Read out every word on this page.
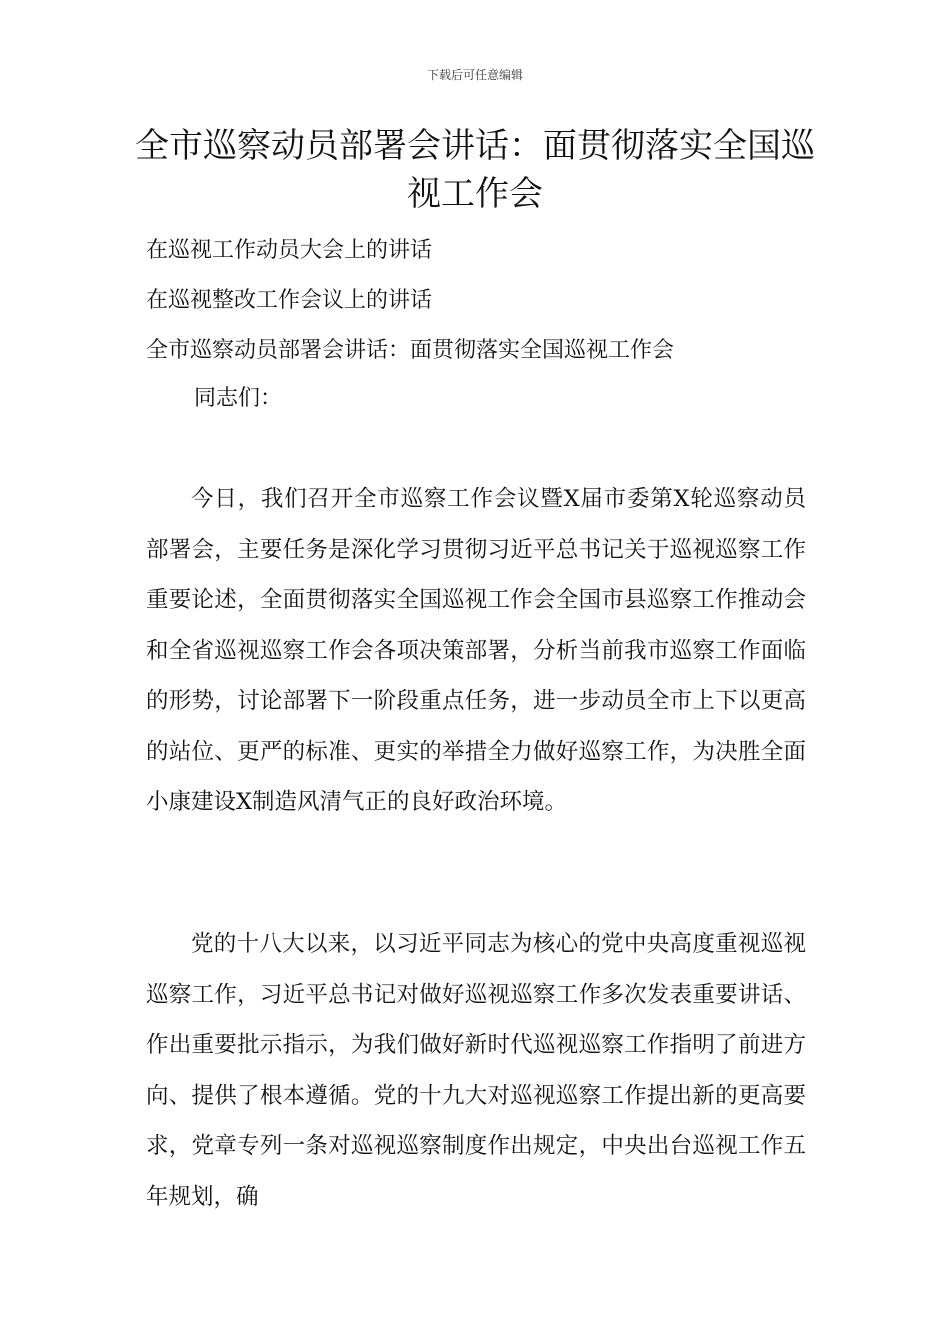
下载后可任意编辑
全市巡察动员部署会讲话：面贯彻落实全国巡视工作会
在巡视工作动员大会上的讲话
在巡视整改工作会议上的讲话
全市巡察动员部署会讲话：面贯彻落实全国巡视工作会
同志们：

今日，我们召开全市巡察工作会议暨X届市委第X轮巡察动员部署会，主要任务是深化学习贯彻习近平总书记关于巡视巡察工作重要论述，全面贯彻落实全国巡视工作会全国市县巡察工作推动会和全省巡视巡察工作会各项决策部署，分析当前我市巡察工作面临的形势，讨论部署下一阶段重点任务，进一步动员全市上下以更高的站位、更严的标准、更实的举措全力做好巡察工作，为决胜全面小康建设X制造风清气正的良好政治环境。

党的十八大以来，以习近平同志为核心的党中央高度重视巡视巡察工作，习近平总书记对做好巡视巡察工作多次发表重要讲话、作出重要批示指示，为我们做好新时代巡视巡察工作指明了前进方向、提供了根本遵循。党的十九大对巡视巡察工作提出新的更高要求，党章专列一条对巡视巡察制度作出规定，中央出台巡视工作五年规划，确
